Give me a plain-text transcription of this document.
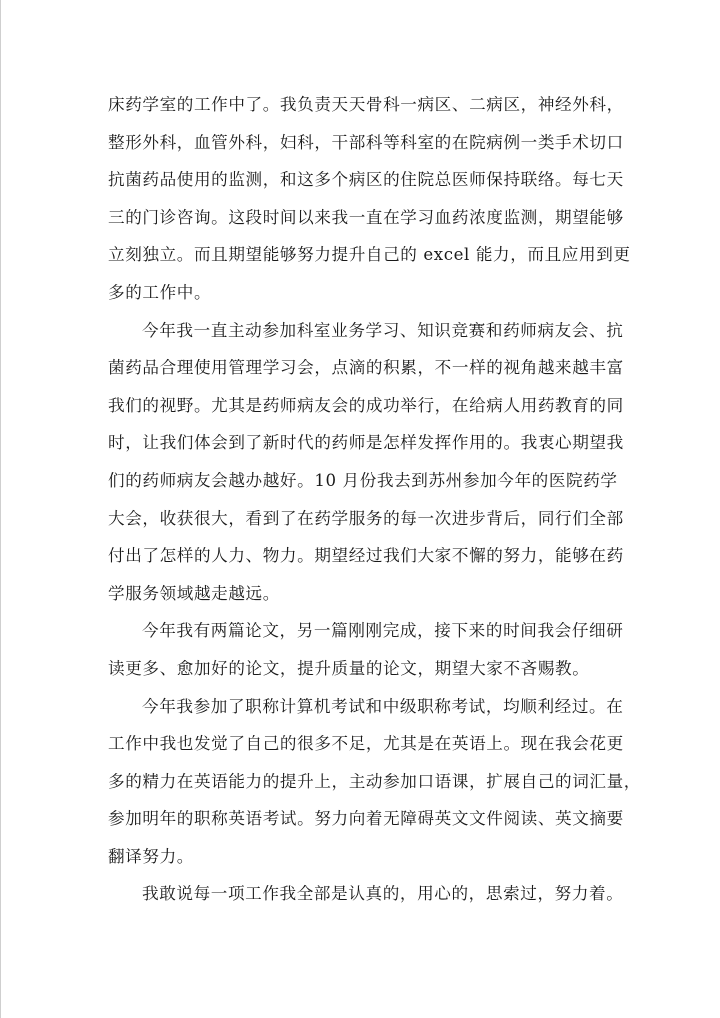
床药学室的工作中了。我负责天天骨科一病区、二病区，神经外科，
整形外科，血管外科，妇科，干部科等科室的在院病例一类手术切口
抗菌药品使用的监测，和这多个病区的住院总医师保持联络。每七天
三的门诊咨询。这段时间以来我一直在学习血药浓度监测，期望能够
立刻独立。而且期望能够努力提升自己的 excel 能力，而且应用到更
多的工作中。
今年我一直主动参加科室业务学习、知识竞赛和药师病友会、抗
菌药品合理使用管理学习会，点滴的积累，不一样的视角越来越丰富
我们的视野。尤其是药师病友会的成功举行，在给病人用药教育的同
时，让我们体会到了新时代的药师是怎样发挥作用的。我衷心期望我
们的药师病友会越办越好。10 月份我去到苏州参加今年的医院药学
大会，收获很大，看到了在药学服务的每一次进步背后，同行们全部
付出了怎样的人力、物力。期望经过我们大家不懈的努力，能够在药
学服务领域越走越远。
今年我有两篇论文，另一篇刚刚完成，接下来的时间我会仔细研
读更多、愈加好的论文，提升质量的论文，期望大家不吝赐教。
今年我参加了职称计算机考试和中级职称考试，均顺利经过。在
工作中我也发觉了自己的很多不足，尤其是在英语上。现在我会花更
多的精力在英语能力的提升上，主动参加口语课，扩展自己的词汇量，
参加明年的职称英语考试。努力向着无障碍英文文件阅读、英文摘要
翻译努力。
我敢说每一项工作我全部是认真的，用心的，思索过，努力着。
